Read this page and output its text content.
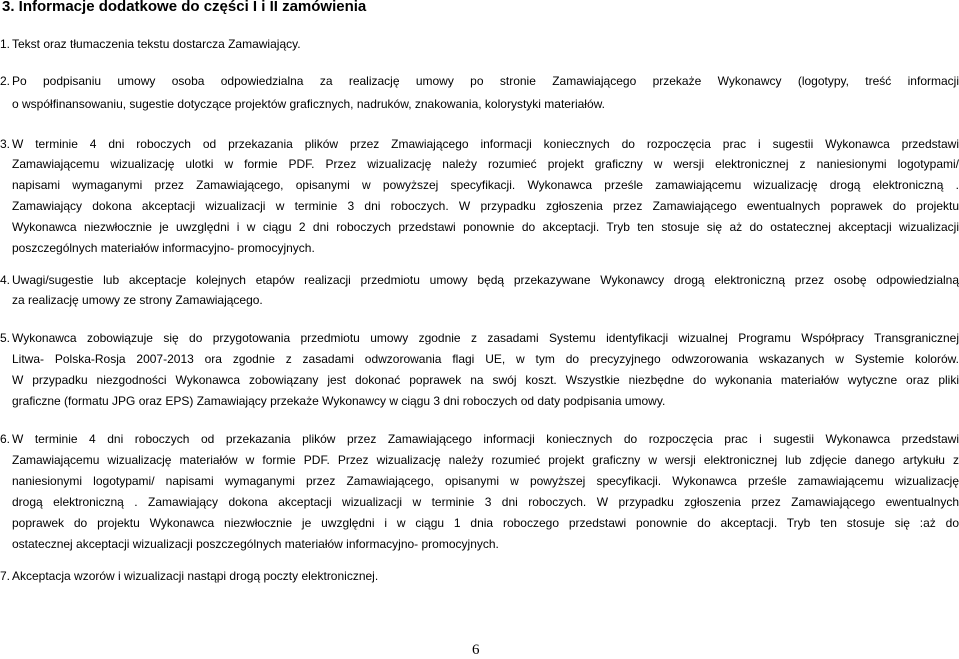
3. Informacje dodatkowe do części I i II zamówienia
1. Tekst oraz tłumaczenia tekstu dostarcza Zamawiający.
2. Po podpisaniu umowy osoba odpowiedzialna za realizację umowy po stronie Zamawiającego przekaże Wykonawcy (logotypy, treść informacji
o współfinansowaniu, sugestie dotyczące projektów graficznych, nadruków, znakowania, kolorystyki materiałów.
3. W terminie 4 dni roboczych od przekazania plików przez Zmawiającego informacji koniecznych do rozpoczęcia prac i sugestii Wykonawca przedstawi
Zamawiającemu wizualizację ulotki w formie PDF. Przez wizualizację należy rozumieć projekt graficzny w wersji elektronicznej z naniesionymi logotypami/
napisami wymaganymi przez Zamawiającego, opisanymi w powyższej specyfikacji. Wykonawca prześle zamawiającemu wizualizację drogą elektroniczną .
Zamawiający dokona akceptacji wizualizacji w terminie 3 dni roboczych. W przypadku zgłoszenia przez Zamawiającego ewentualnych poprawek do projektu
Wykonawca niezwłocznie je uwzględni i w ciągu 2 dni roboczych przedstawi ponownie do akceptacji. Tryb ten stosuje się aż do ostatecznej akceptacji wizualizacji
poszczególnych materiałów informacyjno- promocyjnych.
4. Uwagi/sugestie lub akceptacje kolejnych etapów realizacji przedmiotu umowy będą przekazywane Wykonawcy drogą elektroniczną przez osobę odpowiedzialną
za realizację umowy ze strony Zamawiającego.
5. Wykonawca zobowiązuje się do przygotowania przedmiotu umowy zgodnie z zasadami Systemu identyfikacji wizualnej Programu Współpracy Transgranicznej
Litwa- Polska-Rosja 2007-2013 ora zgodnie z zasadami odwzorowania flagi UE, w tym do precyzyjnego odwzorowania wskazanych w Systemie kolorów.
W przypadku niezgodności Wykonawca zobowiązany jest dokonać poprawek na swój koszt. Wszystkie niezbędne do wykonania materiałów wytyczne oraz pliki
graficzne (formatu JPG oraz EPS) Zamawiający przekaże Wykonawcy w ciągu 3 dni roboczych od daty podpisania umowy.
6. W terminie 4 dni roboczych od przekazania plików przez Zamawiającego informacji koniecznych do rozpoczęcia prac i sugestii Wykonawca przedstawi
Zamawiającemu wizualizację materiałów w formie PDF. Przez wizualizację należy rozumieć projekt graficzny w wersji elektronicznej lub zdjęcie danego artykułu z
naniesionymi logotypami/ napisami wymaganymi przez Zamawiającego, opisanymi w powyższej specyfikacji. Wykonawca prześle zamawiającemu wizualizację
drogą elektroniczną . Zamawiający dokona akceptacji wizualizacji w terminie 3 dni roboczych. W przypadku zgłoszenia przez Zamawiającego ewentualnych
poprawek do projektu Wykonawca niezwłocznie je uwzględni i w ciągu 1 dnia roboczego przedstawi ponownie do akceptacji. Tryb ten stosuje się :aż do
ostatecznej akceptacji wizualizacji poszczególnych materiałów informacyjno- promocyjnych.
7. Akceptacja wzorów i wizualizacji nastąpi drogą poczty elektronicznej.
6
